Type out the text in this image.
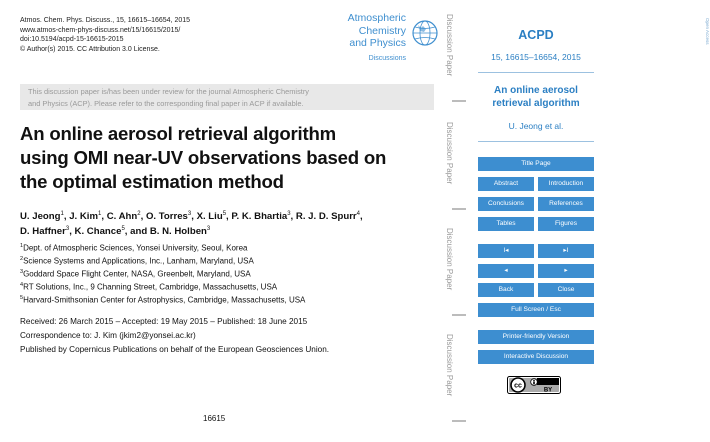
Atmos. Chem. Phys. Discuss., 15, 16615–16654, 2015
www.atmos-chem-phys-discuss.net/15/16615/2015/
doi:10.5194/acpd-15-16615-2015
© Author(s) 2015. CC Attribution 3.0 License.
Atmospheric
Chemistry
and Physics
Discussions
Open Access
This discussion paper is/has been under review for the journal Atmospheric Chemistry
and Physics (ACP). Please refer to the corresponding final paper in ACP if available.
An online aerosol retrieval algorithm
using OMI near-UV observations based on
the optimal estimation method
U. Jeong$^1$, J. Kim$^1$, C. Ahn$^2$, O. Torres$^3$, X. Liu$^5$, P. K. Bhartia$^3$, R. J. D. Spurr$^4$,
D. Haffner$^3$, K. Chance$^5$, and B. N. Holben$^3$
$^1$Dept. of Atmospheric Sciences, Yonsei University, Seoul, Korea
$^2$Science Systems and Applications, Inc., Lanham, Maryland, USA
$^3$Goddard Space Flight Center, NASA, Greenbelt, Maryland, USA
$^4$RT Solutions, Inc., 9 Channing Street, Cambridge, Massachusetts, USA
$^5$Harvard-Smithsonian Center for Astrophysics, Cambridge, Massachusetts, USA
Received: 26 March 2015 – Accepted: 19 May 2015 – Published: 18 June 2015
Correspondence to: J. Kim (jkim2@yonsei.ac.kr)
Published by Copernicus Publications on behalf of the European Geosciences Union.
16615
Discussion Paper
Discussion Paper
Discussion Paper
Discussion Paper
ACPD
15, 16615–16654, 2015
An online aerosol
retrieval algorithm
U. Jeong et al.
Title Page
Abstract	Introduction
Conclusions	References
Tables	Figures
I◂	▸I
◂	▸
Back	Close
Full Screen / Esc
Printer-friendly Version
Interactive Discussion
cc
BY
